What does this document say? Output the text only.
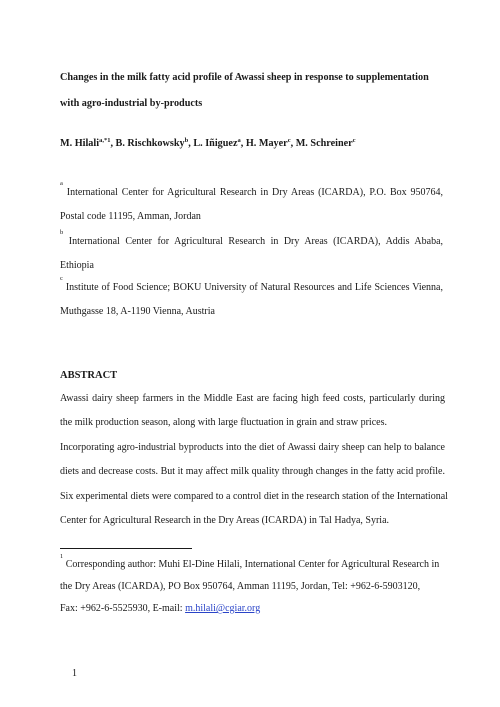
Changes in the milk fatty acid profile of Awassi sheep in response to supplementation with agro-industrial by-products

M. Hilali$^{a,*1}$, B. Rischkowsky$^b$, L. Iñiguez$^a$, H. Mayer$^c$, M. Schreiner$^c$

$^a$ International Center for Agricultural Research in Dry Areas (ICARDA), P.O. Box 950764, Postal code 11195, Amman, Jordan

$^b$ International Center for Agricultural Research in Dry Areas (ICARDA), Addis Ababa, Ethiopia

$^c$ Institute of Food Science; BOKU University of Natural Resources and Life Sciences Vienna, Muthgasse 18, A-1190 Vienna, Austria

ABSTRACT

Awassi dairy sheep farmers in the Middle East are facing high feed costs, particularly during
the milk production season, along with large fluctuation in grain and straw prices.
Incorporating agro-industrial byproducts into the diet of Awassi dairy sheep can help to balance
diets and decrease costs. But it may affect milk quality through changes in the fatty acid profile.
Six experimental diets were compared to a control diet in the research station of the International
Center for Agricultural Research in the Dry Areas (ICARDA) in Tal Hadya, Syria.

$^1$ Corresponding author: Muhi El-Dine Hilali, International Center for Agricultural Research in
the Dry Areas (ICARDA), PO Box 950764, Amman 11195, Jordan, Tel: +962-6-5903120,
Fax: +962-6-5525930, E-mail: m.hilali@cgiar.org

1
